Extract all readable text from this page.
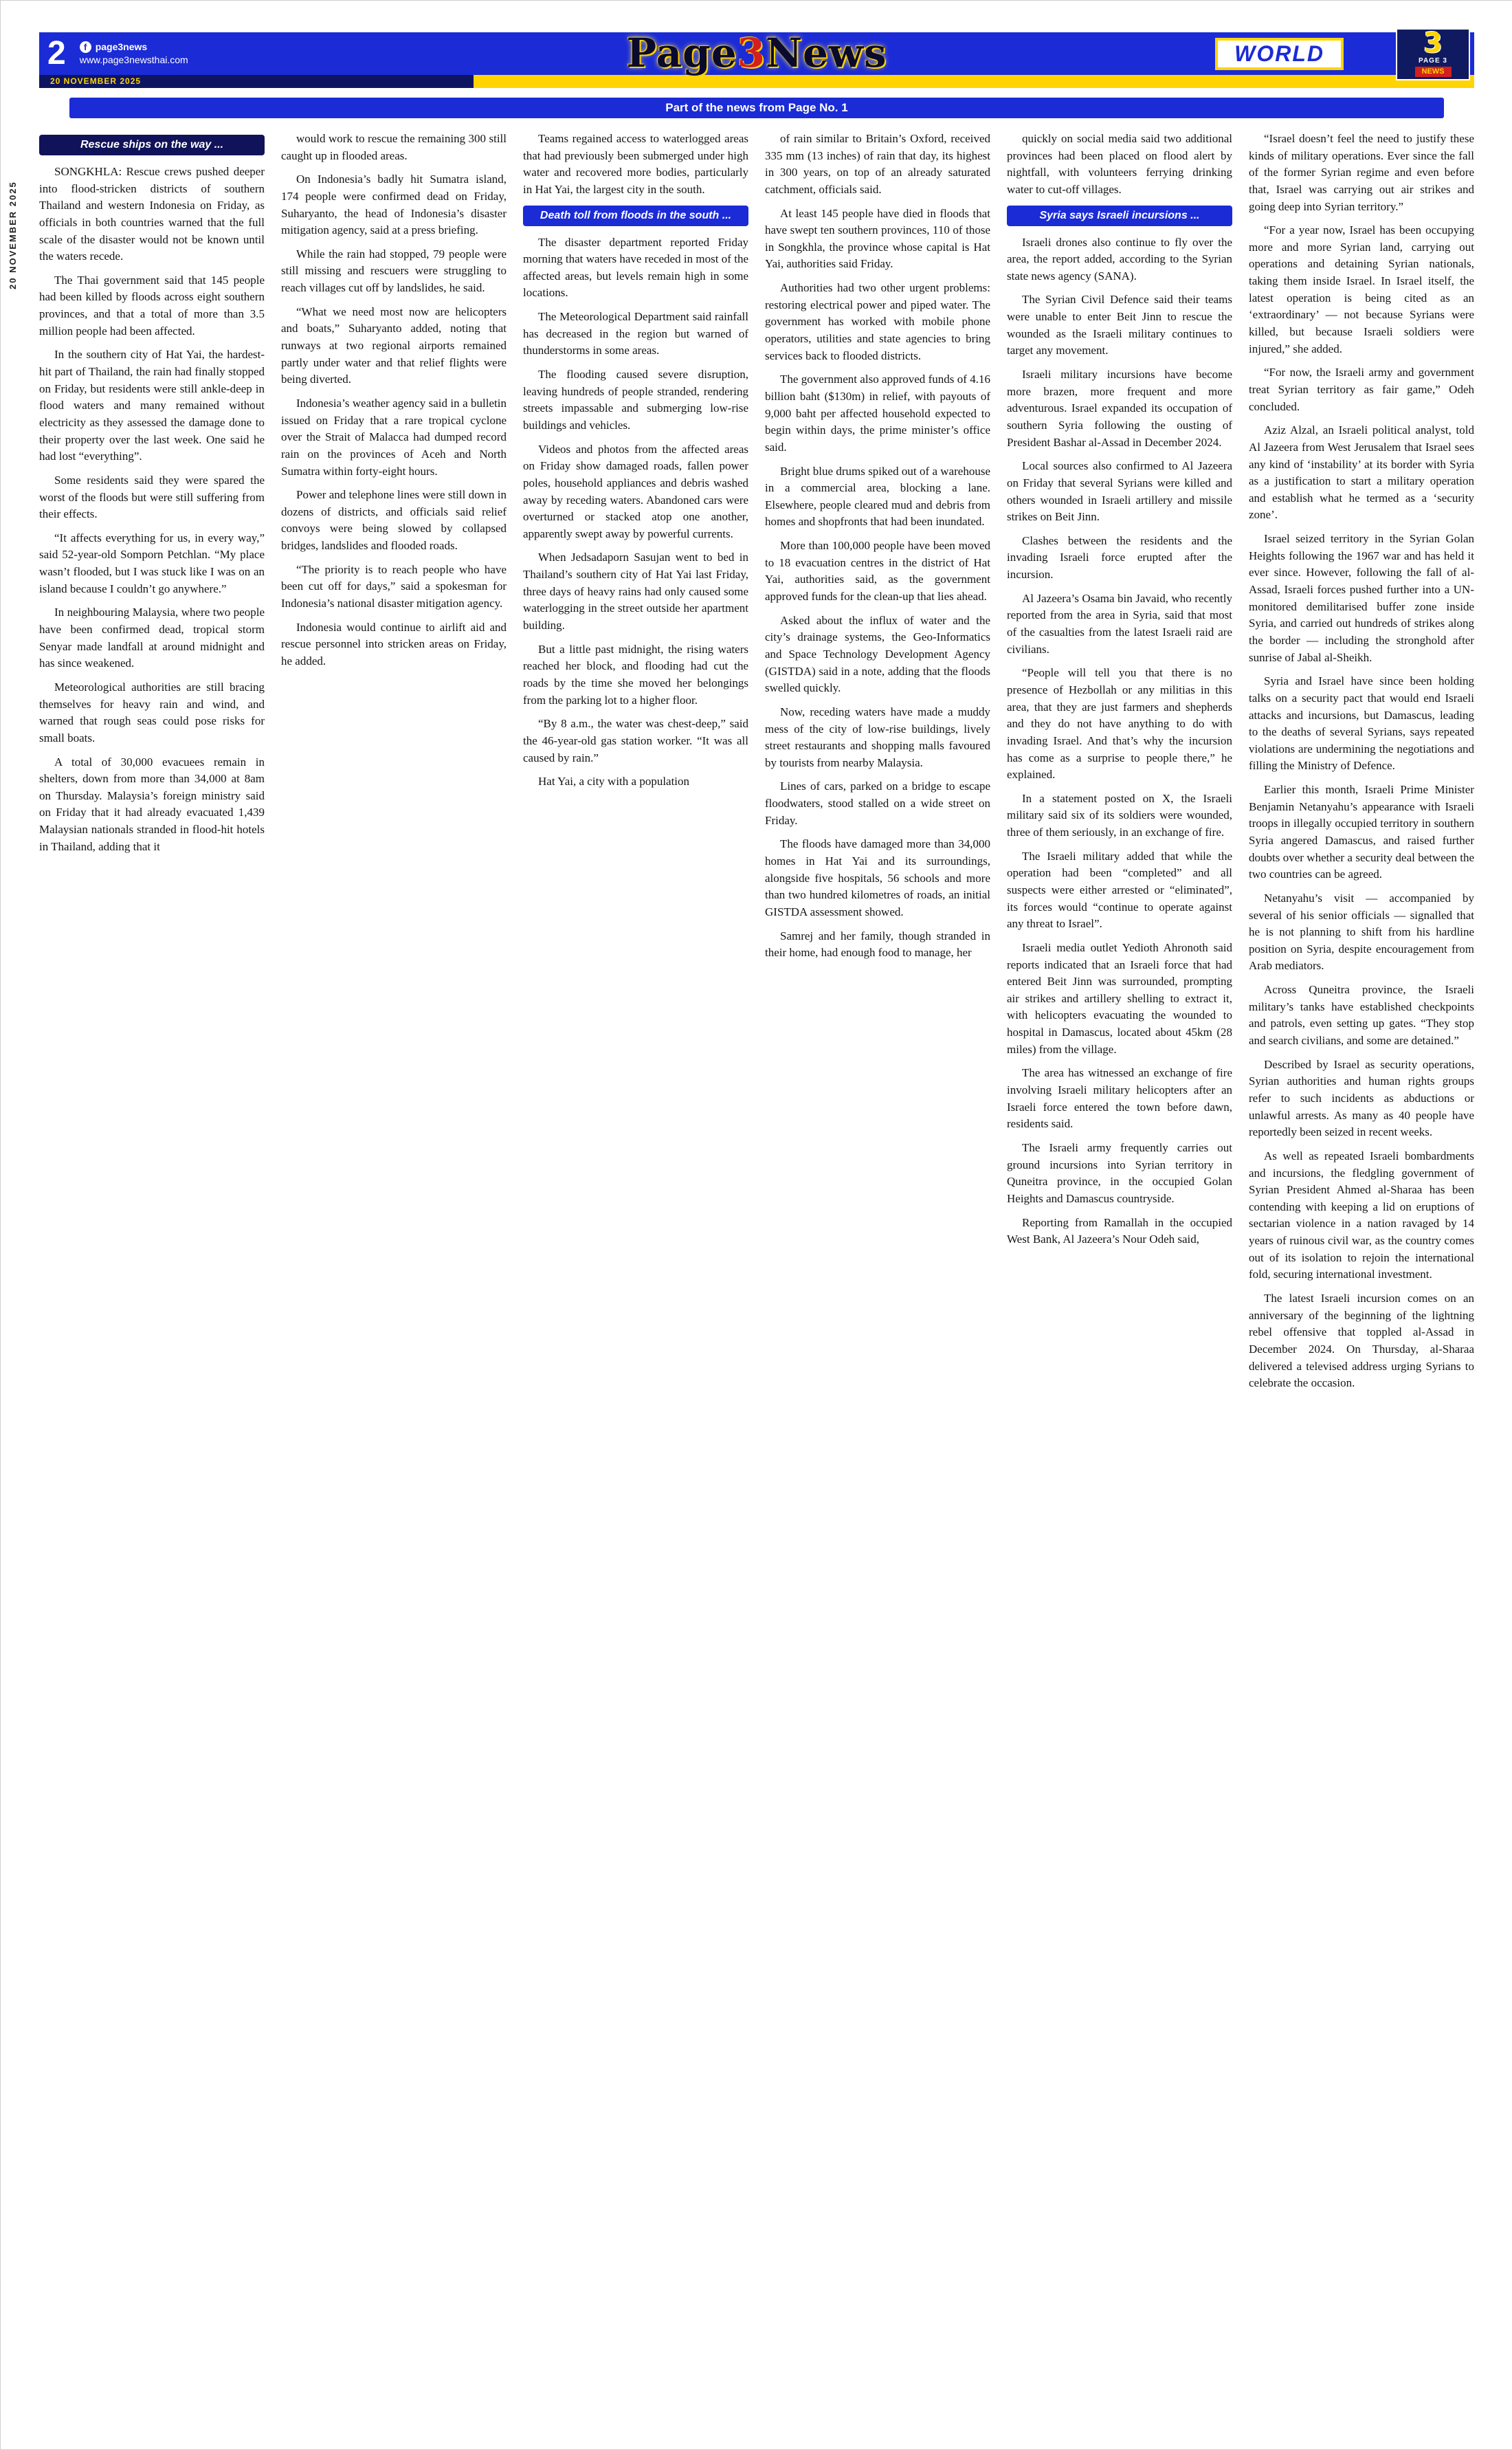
2	f page3news
www.page3newsthai.com	Page3News	WORLD	3
PAGE 3
NEWS
20 NOVEMBER 2025
Part of the news from Page No. 1
20 NOVEMBER 2025
Rescue ships on the way ...

SONGKHLA: Rescue crews pushed deeper into flood-stricken districts of southern Thailand and western Indonesia on Friday, as officials in both countries warned that the full scale of the disaster would not be known until the waters recede.

The Thai government said that 145 people had been killed by floods across eight southern provinces, and that a total of more than 3.5 million people had been affected.

In the southern city of Hat Yai, the hardest-hit part of Thailand, the rain had finally stopped on Friday, but residents were still ankle-deep in flood waters and many remained without electricity as they assessed the damage done to their property over the last week. One said he had lost “everything”.

Some residents said they were spared the worst of the floods but were still suffering from their effects.

“It affects everything for us, in every way,” said 52-year-old Somporn Petchlan. “My place wasn’t flooded, but I was stuck like I was on an island because I couldn’t go anywhere.”

In neighbouring Malaysia, where two people have been confirmed dead, tropical storm Senyar made landfall at around midnight and has since weakened.

Meteorological authorities are still bracing themselves for heavy rain and wind, and warned that rough seas could pose risks for small boats.

A total of 30,000 evacuees remain in shelters, down from more than 34,000 at 8am on Thursday. Malaysia’s foreign ministry said on Friday that it had already evacuated 1,439 Malaysian nationals stranded in flood-hit hotels in Thailand, adding that it

would work to rescue the remaining 300 still caught up in flooded areas.

On Indonesia’s badly hit Sumatra island, 174 people were confirmed dead on Friday, Suharyanto, the head of Indonesia’s disaster mitigation agency, said at a press briefing.

While the rain had stopped, 79 people were still missing and rescuers were struggling to reach villages cut off by landslides, he said.

“What we need most now are helicopters and boats,” Suharyanto added, noting that runways at two regional airports remained partly under water and that relief flights were being diverted.

Indonesia’s weather agency said in a bulletin issued on Friday that a rare tropical cyclone over the Strait of Malacca had dumped record rain on the provinces of Aceh and North Sumatra within forty-eight hours.

Power and telephone lines were still down in dozens of districts, and officials said relief convoys were being slowed by collapsed bridges, landslides and flooded roads.

“The priority is to reach people who have been cut off for days,” said a spokesman for Indonesia’s national disaster mitigation agency.

Indonesia would continue to airlift aid and rescue personnel into stricken areas on Friday, he added.

Teams regained access to waterlogged areas that had previously been submerged under high water and recovered more bodies, particularly in Hat Yai, the largest city in the south.

Death toll from floods in the south ...

The disaster department reported Friday morning that waters have receded in most of the affected areas, but levels remain high in some locations.

The Meteorological Department said rainfall has decreased in the region but warned of thunderstorms in some areas.

The flooding caused severe disruption, leaving hundreds of people stranded, rendering streets impassable and submerging low-rise buildings and vehicles.

Videos and photos from the affected areas on Friday show damaged roads, fallen power poles, household appliances and debris washed away by receding waters. Abandoned cars were overturned or stacked atop one another, apparently swept away by powerful currents.

When Jedsadaporn Sasujan went to bed in Thailand’s southern city of Hat Yai last Friday, three days of heavy rains had only caused some waterlogging in the street outside her apartment building.

But a little past midnight, the rising waters reached her block, and flooding had cut the roads by the time she moved her belongings from the parking lot to a higher floor.

“By 8 a.m., the water was chest-deep,” said the 46-year-old gas station worker. “It was all caused by rain.”

Hat Yai, a city with a population

of rain similar to Britain’s Oxford, received 335 mm (13 inches) of rain that day, its highest in 300 years, on top of an already saturated catchment, officials said.

At least 145 people have died in floods that have swept ten southern provinces, 110 of those in Songkhla, the province whose capital is Hat Yai, authorities said Friday.

Authorities had two other urgent problems: restoring electrical power and piped water. The government has worked with mobile phone operators, utilities and state agencies to bring services back to flooded districts.

The government also approved funds of 4.16 billion baht ($130m) in relief, with payouts of 9,000 baht per affected household expected to begin within days, the prime minister’s office said.

Bright blue drums spiked out of a warehouse in a commercial area, blocking a lane. Elsewhere, people cleared mud and debris from homes and shopfronts that had been inundated.

More than 100,000 people have been moved to 18 evacuation centres in the district of Hat Yai, authorities said, as the government approved funds for the clean-up that lies ahead.

Asked about the influx of water and the city’s drainage systems, the Geo-Informatics and Space Technology Development Agency (GISTDA) said in a note, adding that the floods swelled quickly.

Now, receding waters have made a muddy mess of the city of low-rise buildings, lively street restaurants and shopping malls favoured by tourists from nearby Malaysia.

Lines of cars, parked on a bridge to escape floodwaters, stood stalled on a wide street on Friday.

The floods have damaged more than 34,000 homes in Hat Yai and its surroundings, alongside five hospitals, 56 schools and more than two hundred kilometres of roads, an initial GISTDA assessment showed.

Samrej and her family, though stranded in their home, had enough food to manage, her

quickly on social media said two additional provinces had been placed on flood alert by nightfall, with volunteers ferrying drinking water to cut-off villages.

Syria says Israeli incursions ...

Israeli drones also continue to fly over the area, the report added, according to the Syrian state news agency (SANA).

The Syrian Civil Defence said their teams were unable to enter Beit Jinn to rescue the wounded as the Israeli military continues to target any movement.

Israeli military incursions have become more brazen, more frequent and more adventurous. Israel expanded its occupation of southern Syria following the ousting of President Bashar al-Assad in December 2024.

Local sources also confirmed to Al Jazeera on Friday that several Syrians were killed and others wounded in Israeli artillery and missile strikes on Beit Jinn.

Clashes between the residents and the invading Israeli force erupted after the incursion.

Al Jazeera’s Osama bin Javaid, who recently reported from the area in Syria, said that most of the casualties from the latest Israeli raid are civilians.

“People will tell you that there is no presence of Hezbollah or any militias in this area, that they are just farmers and shepherds and they do not have anything to do with invading Israel. And that’s why the incursion has come as a surprise to people there,” he explained.

In a statement posted on X, the Israeli military said six of its soldiers were wounded, three of them seriously, in an exchange of fire.

The Israeli military added that while the operation had been “completed” and all suspects were either arrested or “eliminated”, its forces would “continue to operate against any threat to Israel”.

Israeli media outlet Yedioth Ahronoth said reports indicated that an Israeli force that had entered Beit Jinn was surrounded, prompting air strikes and artillery shelling to extract it, with helicopters evacuating the wounded to hospital in Damascus, located about 45km (28 miles) from the village.

The area has witnessed an exchange of fire involving Israeli military helicopters after an Israeli force entered the town before dawn, residents said.

The Israeli army frequently carries out ground incursions into Syrian territory in Quneitra province, in the occupied Golan Heights and Damascus countryside.

Reporting from Ramallah in the occupied West Bank, Al Jazeera’s Nour Odeh said,

“Israel doesn’t feel the need to justify these kinds of military operations. Ever since the fall of the former Syrian regime and even before that, Israel was carrying out air strikes and going deep into Syrian territory.”

“For a year now, Israel has been occupying more and more Syrian land, carrying out operations and detaining Syrian nationals, taking them inside Israel. In Israel itself, the latest operation is being cited as an ‘extraordinary’ — not because Syrians were killed, but because Israeli soldiers were injured,” she added.

“For now, the Israeli army and government treat Syrian territory as fair game,” Odeh concluded.

Aziz Alzal, an Israeli political analyst, told Al Jazeera from West Jerusalem that Israel sees any kind of ‘instability’ at its border with Syria as a justification to start a military operation and establish what he termed as a ‘security zone’.

Israel seized territory in the Syrian Golan Heights following the 1967 war and has held it ever since. However, following the fall of al-Assad, Israeli forces pushed further into a UN-monitored demilitarised buffer zone inside Syria, and carried out hundreds of strikes along the border — including the stronghold after sunrise of Jabal al-Sheikh.

Syria and Israel have since been holding talks on a security pact that would end Israeli attacks and incursions, but Damascus, leading to the deaths of several Syrians, says repeated violations are undermining the negotiations and filling the Ministry of Defence.

Earlier this month, Israeli Prime Minister Benjamin Netanyahu’s appearance with Israeli troops in illegally occupied territory in southern Syria angered Damascus, and raised further doubts over whether a security deal between the two countries can be agreed.

Netanyahu’s visit — accompanied by several of his senior officials — signalled that he is not planning to shift from his hardline position on Syria, despite encouragement from Arab mediators.

Across Quneitra province, the Israeli military’s tanks have established checkpoints and patrols, even setting up gates. “They stop and search civilians, and some are detained.”

Described by Israel as security operations, Syrian authorities and human rights groups refer to such incidents as abductions or unlawful arrests. As many as 40 people have reportedly been seized in recent weeks.

As well as repeated Israeli bombardments and incursions, the fledgling government of Syrian President Ahmed al-Sharaa has been contending with keeping a lid on eruptions of sectarian violence in a nation ravaged by 14 years of ruinous civil war, as the country comes out of its isolation to rejoin the international fold, securing international investment.

The latest Israeli incursion comes on an anniversary of the beginning of the lightning rebel offensive that toppled al-Assad in December 2024. On Thursday, al-Sharaa delivered a televised address urging Syrians to celebrate the occasion.
